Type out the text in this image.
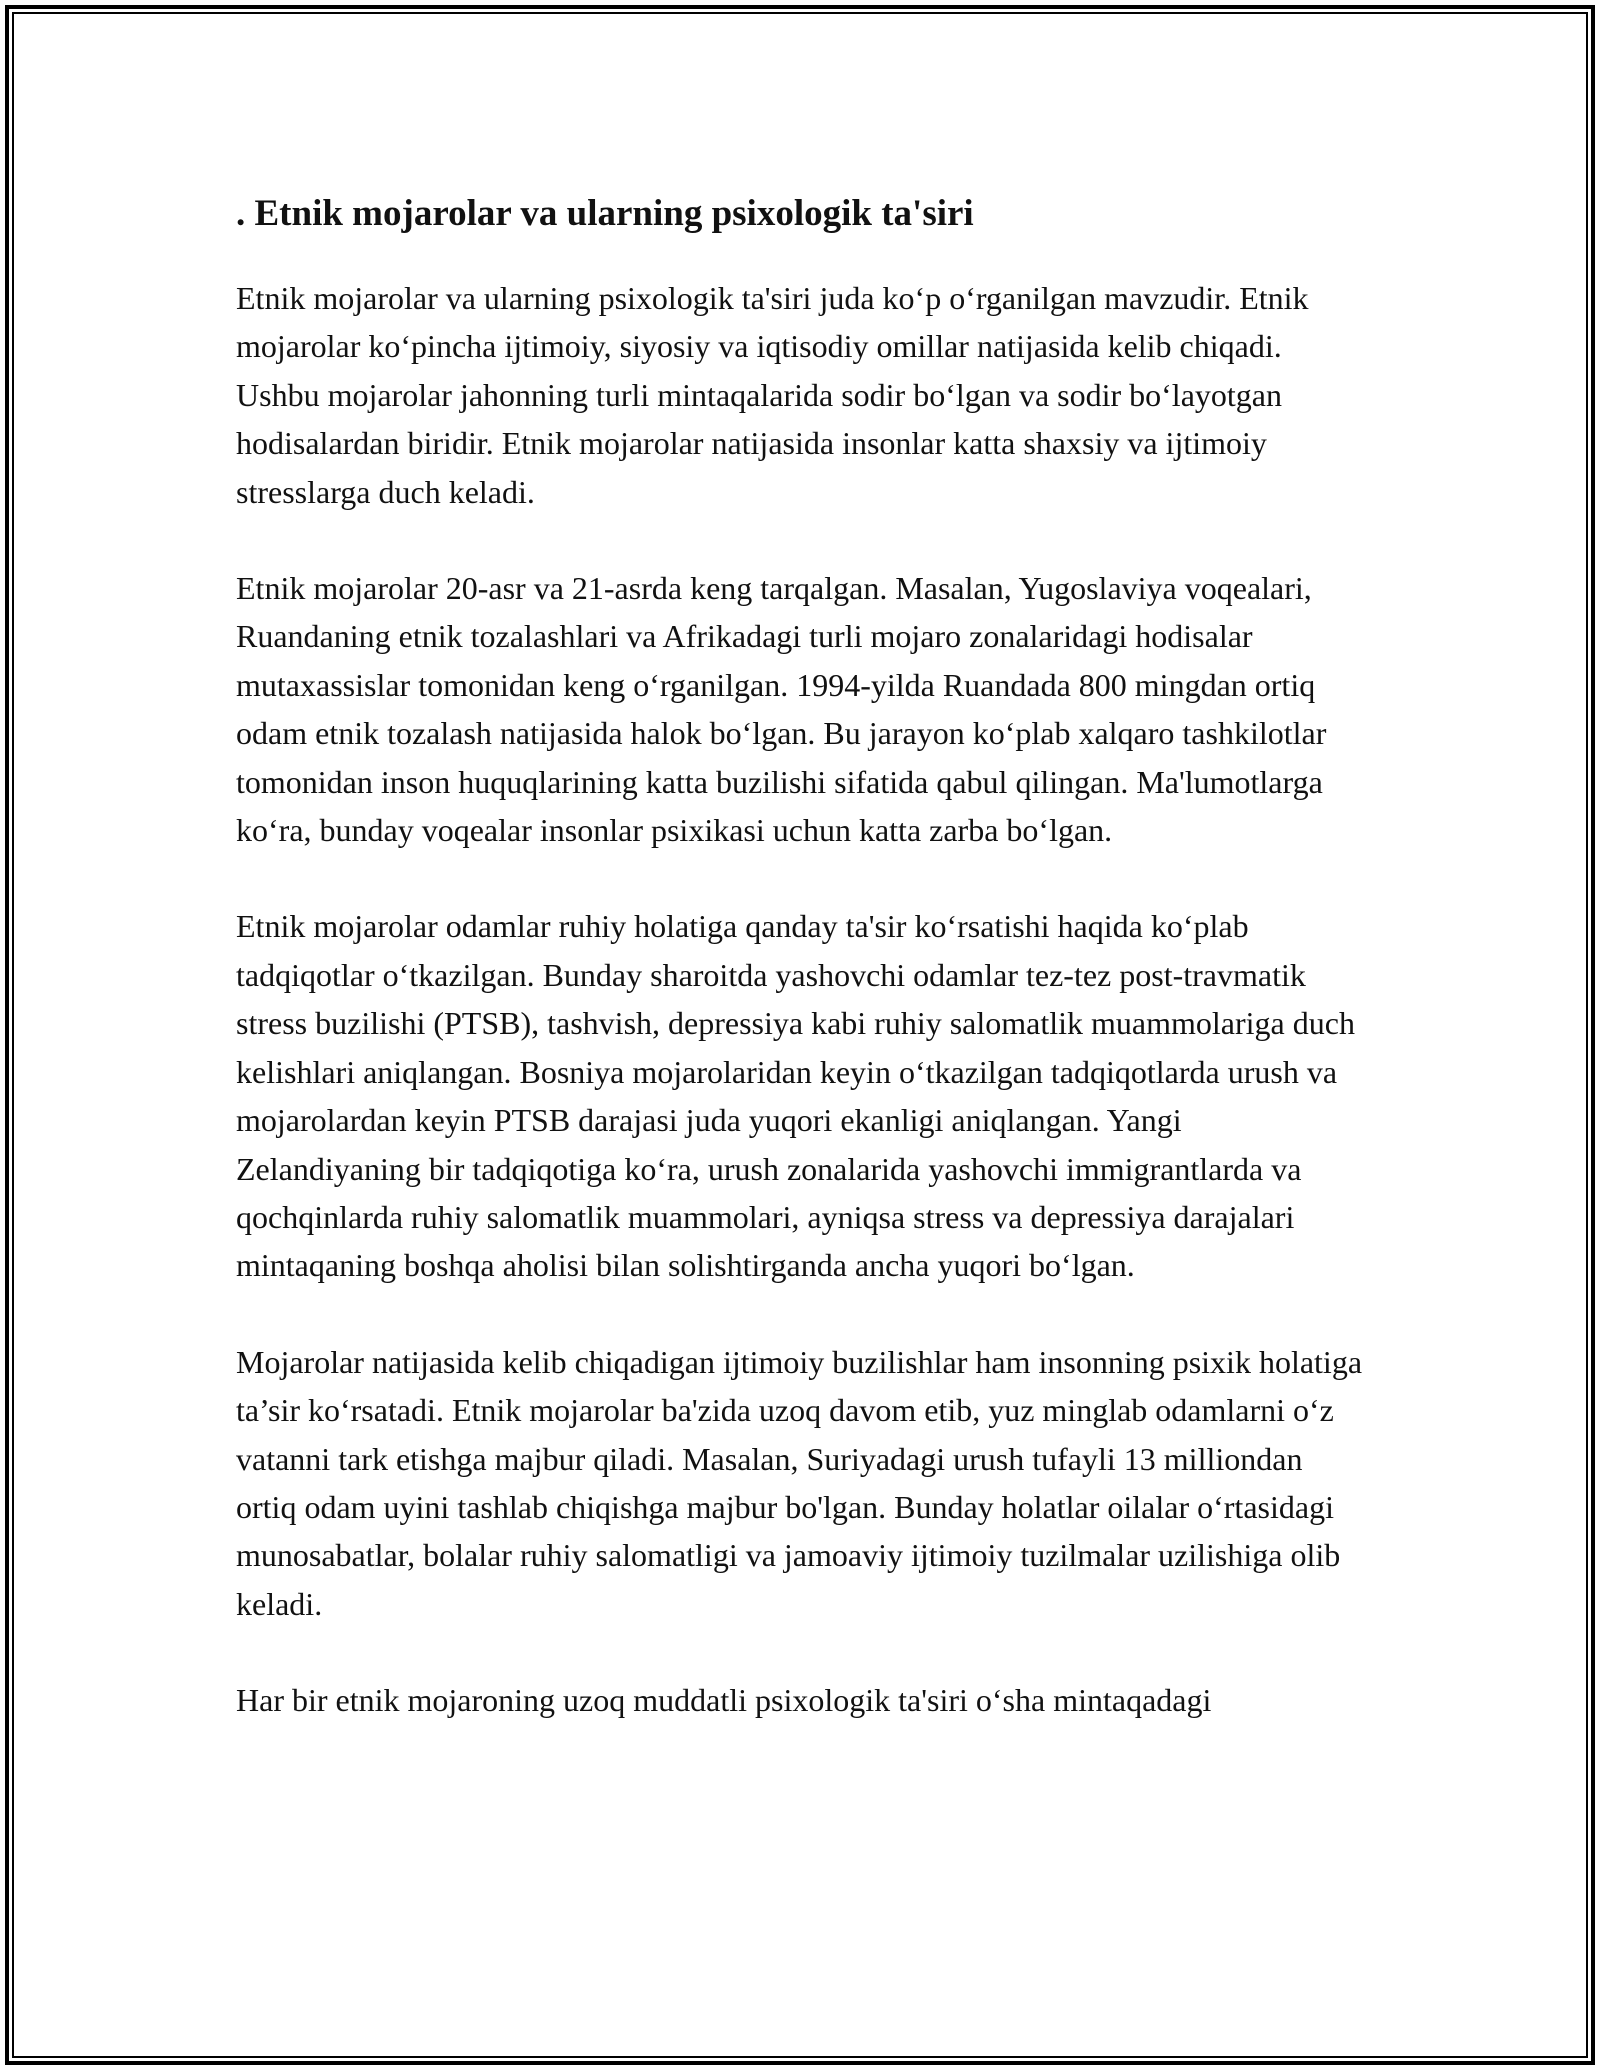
. Etnik mojarolar va ularning psixologik ta'siri

Etnik mojarolar va ularning psixologik ta'siri juda ko‘p o‘rganilgan mavzudir. Etnik mojarolar ko‘pincha ijtimoiy, siyosiy va iqtisodiy omillar natijasida kelib chiqadi. Ushbu mojarolar jahonning turli mintaqalarida sodir bo‘lgan va sodir bo‘layotgan hodisalardan biridir. Etnik mojarolar natijasida insonlar katta shaxsiy va ijtimoiy stresslarga duch keladi.

Etnik mojarolar 20-asr va 21-asrda keng tarqalgan. Masalan, Yugoslaviya voqealari, Ruandaning etnik tozalashlari va Afrikadagi turli mojaro zonalaridagi hodisalar mutaxassislar tomonidan keng o‘rganilgan. 1994-yilda Ruandada 800 mingdan ortiq odam etnik tozalash natijasida halok bo‘lgan. Bu jarayon ko‘plab xalqaro tashkilotlar tomonidan inson huquqlarining katta buzilishi sifatida qabul qilingan. Ma'lumotlarga ko‘ra, bunday voqealar insonlar psixikasi uchun katta zarba bo‘lgan.

Etnik mojarolar odamlar ruhiy holatiga qanday ta'sir ko‘rsatishi haqida ko‘plab tadqiqotlar o‘tkazilgan. Bunday sharoitda yashovchi odamlar tez-tez post-travmatik stress buzilishi (PTSB), tashvish, depressiya kabi ruhiy salomatlik muammolariga duch kelishlari aniqlangan. Bosniya mojarolaridan keyin o‘tkazilgan tadqiqotlarda urush va mojarolardan keyin PTSB darajasi juda yuqori ekanligi aniqlangan. Yangi Zelandiyaning bir tadqiqotiga ko‘ra, urush zonalarida yashovchi immigrantlarda va qochqinlarda ruhiy salomatlik muammolari, ayniqsa stress va depressiya darajalari mintaqaning boshqa aholisi bilan solishtirganda ancha yuqori bo‘lgan.

Mojarolar natijasida kelib chiqadigan ijtimoiy buzilishlar ham insonning psixik holatiga ta’sir ko‘rsatadi. Etnik mojarolar ba'zida uzoq davom etib, yuz minglab odamlarni o‘z vatanni tark etishga majbur qiladi. Masalan, Suriyadagi urush tufayli 13 milliondan ortiq odam uyini tashlab chiqishga majbur bo'lgan. Bunday holatlar oilalar o‘rtasidagi munosabatlar, bolalar ruhiy salomatligi va jamoaviy ijtimoiy tuzilmalar uzilishiga olib keladi.

Har bir etnik mojaroning uzoq muddatli psixologik ta'siri o‘sha mintaqadagi
